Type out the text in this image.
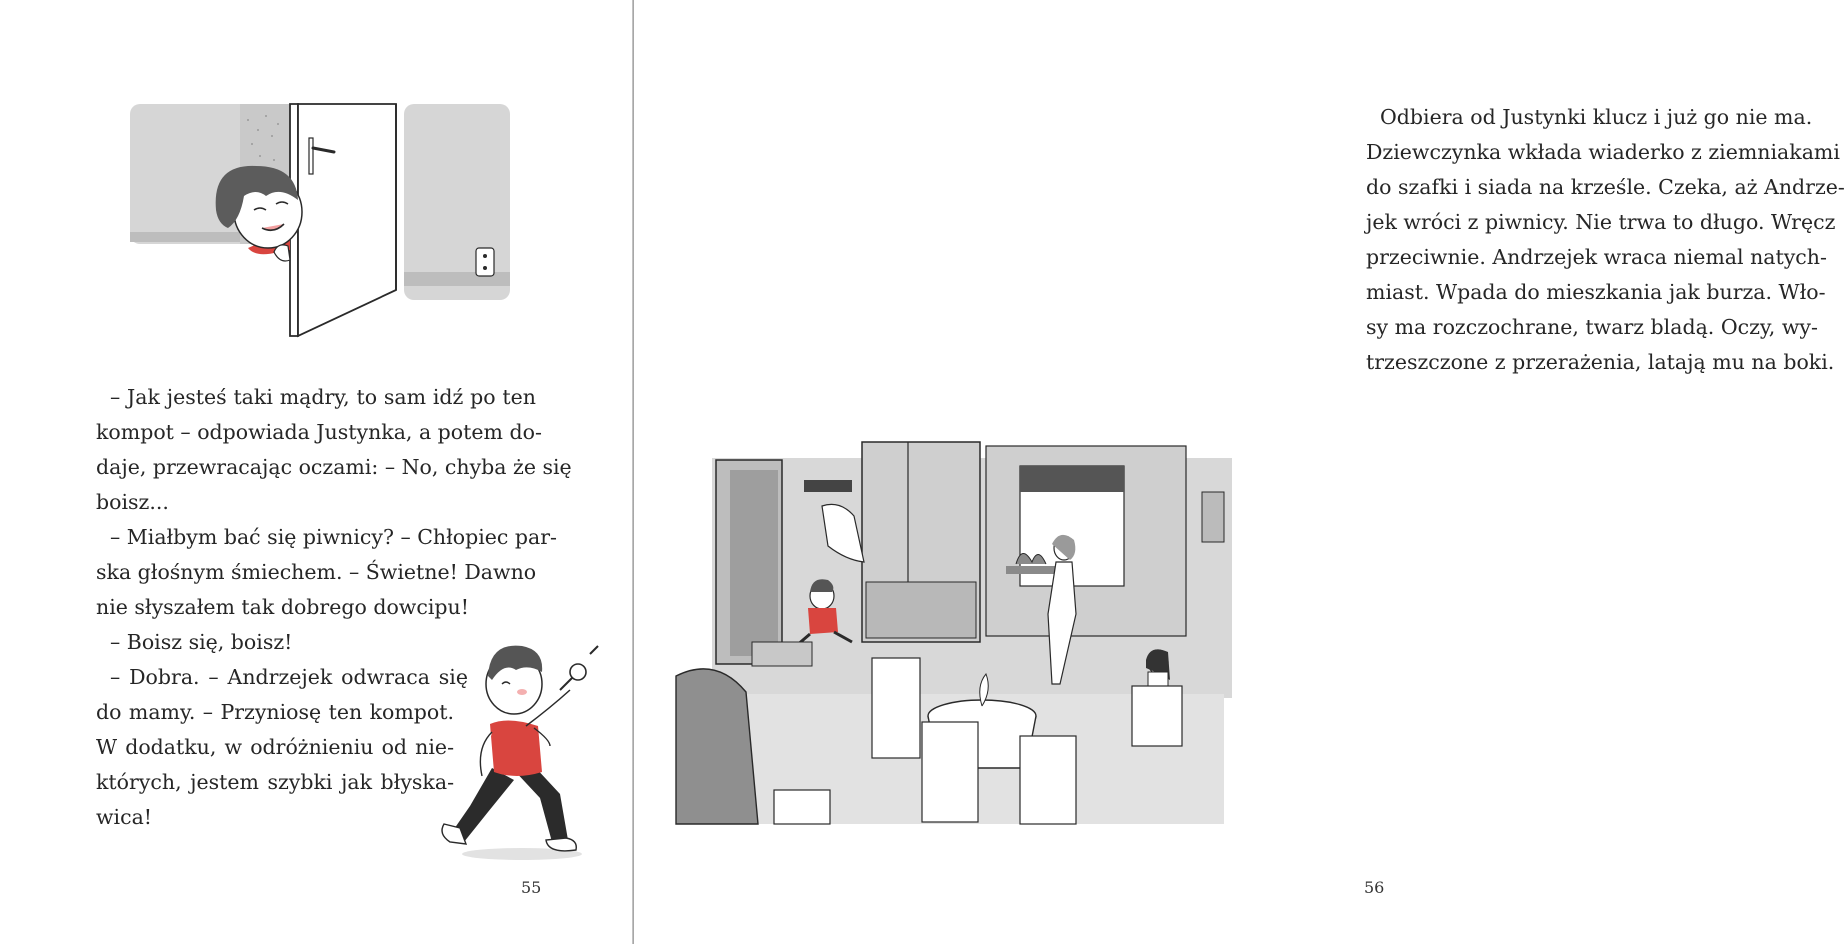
– Jak jesteś taki mądry, to sam idź po ten
kompot – odpowiada Justynka, a potem do-
daje, przewracając oczami: – No, chyba że się
boisz...
– Miałbym bać się piwnicy? – Chłopiec par-
ska głośnym śmiechem. – Świetne! Dawno
nie słyszałem tak dobrego dowcipu!
– Boisz się, boisz!
– Dobra. – Andrzejek odwraca się
do mamy. – Przyniosę ten kompot.
W dodatku, w odróżnieniu od nie-
których, jestem szybki jak błyska-
wica!
55
Odbiera od Justynki klucz i już go nie ma.
Dziewczynka wkłada wiaderko z ziemniakami
do szafki i siada na krześle. Czeka, aż Andrze-
jek wróci z piwnicy. Nie trwa to długo. Wręcz
przeciwnie. Andrzejek wraca niemal natych-
miast. Wpada do mieszkania jak burza. Wło-
sy ma rozczochrane, twarz bladą. Oczy, wy-
trzeszczone z przerażenia, latają mu na boki.
56
